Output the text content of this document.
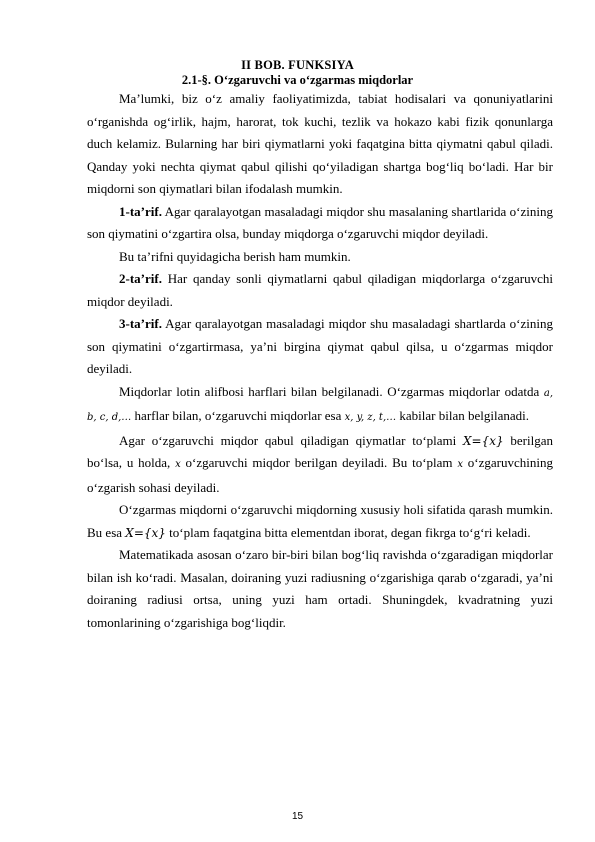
II BOB. FUNKSIYA
2.1-§. O‘zgaruvchi va o‘zgarmas miqdorlar

Ma’lumki, biz o‘z amaliy faoliyatimizda, tabiat hodisalari va qonuniyatlarini o‘rganishda og‘irlik, hajm, harorat, tok kuchi, tezlik va hokazo kabi fizik qonunlarga duch kelamiz. Bularning har biri qiymatlarni yoki faqatgina bitta qiymatni qabul qiladi. Qanday yoki nechta qiymat qabul qilishi qo‘yiladigan shartga bog‘liq bo‘ladi. Har bir miqdorni son qiymatlari bilan ifodalash mumkin.

1-ta’rif. Agar qaralayotgan masaladagi miqdor shu masalaning shartlarida o‘zining son qiymatini o‘zgartira olsa, bunday miqdorga o‘zgaruvchi miqdor deyiladi.

Bu ta’rifni quyidagicha berish ham mumkin.

2-ta’rif. Har qanday sonli qiymatlarni qabul qiladigan miqdorlarga o‘zgaruvchi miqdor deyiladi.

3-ta’rif. Agar qaralayotgan masaladagi miqdor shu masaladagi shartlarda o‘zining son qiymatini o‘zgartirmasa, ya’ni birgina qiymat qabul qilsa, u o‘zgarmas miqdor deyiladi.

Miqdorlar lotin alifbosi harflari bilan belgilanadi. O‘zgarmas miqdorlar odatda a, b, c, d,… harflar bilan, o‘zgaruvchi miqdorlar esa x, y, z, t,… kabilar bilan belgilanadi.

Agar o‘zgaruvchi miqdor qabul qiladigan qiymatlar to‘plami X={x} berilgan bo‘lsa, u holda, x o‘zgaruvchi miqdor berilgan deyiladi. Bu to‘plam x o‘zgaruvchining o‘zgarish sohasi deyiladi.

O‘zgarmas miqdorni o‘zgaruvchi miqdorning xususiy holi sifatida qarash mumkin. Bu esa X={x} to‘plam faqatgina bitta elementdan iborat, degan fikrga to‘g‘ri keladi.

Matematikada asosan o‘zaro bir-biri bilan bog‘liq ravishda o‘zgaradigan miqdorlar bilan ish ko‘radi. Masalan, doiraning yuzi radiusning o‘zgarishiga qarab o‘zgaradi, ya’ni doiraning radiusi ortsa, uning yuzi ham ortadi. Shuningdek, kvadratning yuzi tomonlarining o‘zgarishiga bog‘liqdir.

15
